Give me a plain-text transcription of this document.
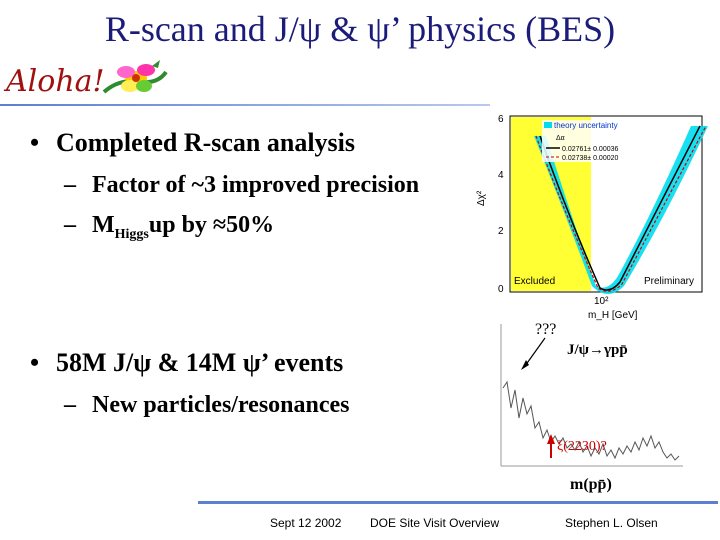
R-scan and J/ψ & ψ’ physics (BES)
Aloha!
• Completed R-scan analysis
– Factor of ~3 improved precision
– $M_{Higgs}up$ by ≈50%
• 58M J/ψ & 14M ψ’ events
– New particles/resonances
theory uncertainty
Δα
0.02761± 0.00036
0.02738± 0.00020
Excluded	Preliminary
6
4
2
0
Δχ²
10²
m_H [GeV]
???
J/ψ→γpp̄
ξ(2230)?
m(pp̄)
Sept 12 2002 DOE Site Visit Overview	Stephen L. Olsen
